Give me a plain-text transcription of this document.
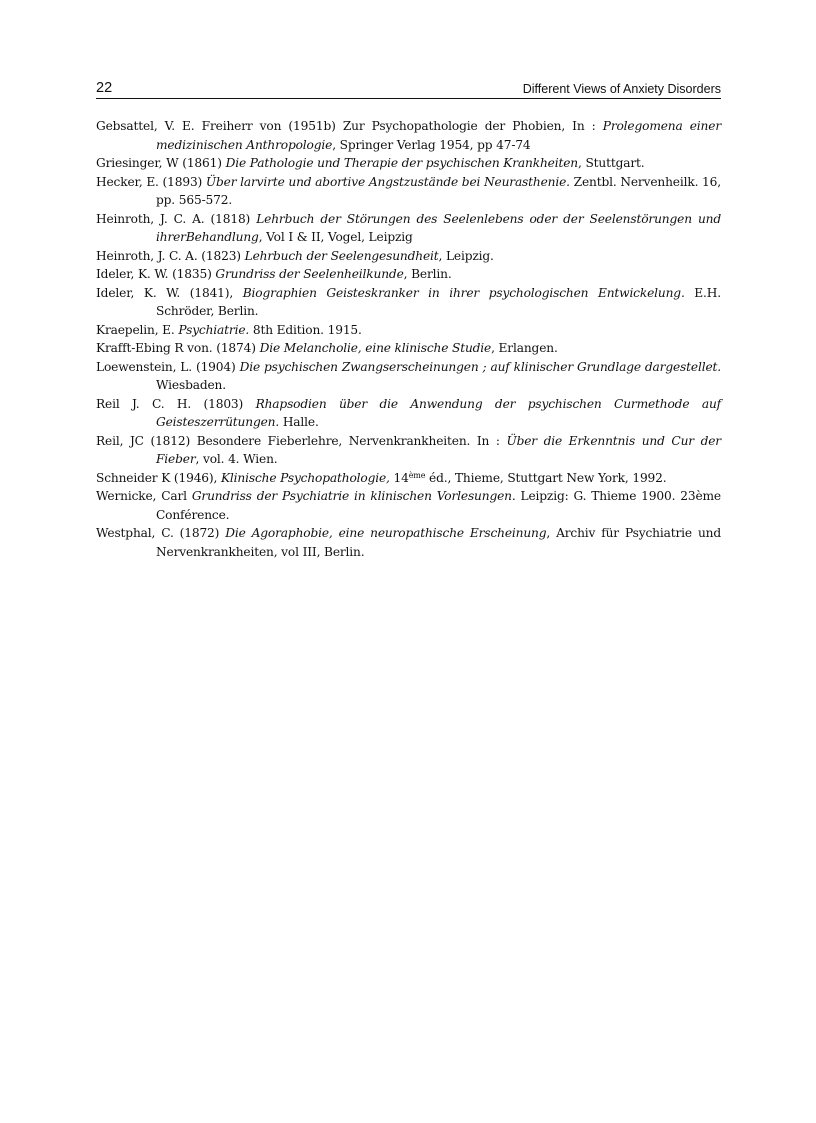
22	Different Views of Anxiety Disorders

Gebsattel, V. E. Freiherr von (1951b) Zur Psychopathologie der Phobien, In : Prolegomena einer medizinischen Anthropologie, Springer Verlag 1954, pp 47-74

Griesinger, W (1861) Die Pathologie und Therapie der psychischen Krankheiten, Stuttgart.

Hecker, E. (1893) Über larvirte und abortive Angstzustände bei Neurasthenie. Zentbl. Nervenheilk. 16, pp. 565-572.

Heinroth, J. C. A. (1818) Lehrbuch der Störungen des Seelenlebens oder der Seelenstörungen und ihrerBehandlung, Vol I & II, Vogel, Leipzig

Heinroth, J. C. A. (1823) Lehrbuch der Seelengesundheit, Leipzig.

Ideler, K. W. (1835) Grundriss der Seelenheilkunde, Berlin.

Ideler, K. W. (1841), Biographien Geisteskranker in ihrer psychologischen Entwickelung. E.H. Schröder, Berlin.

Kraepelin, E. Psychiatrie. 8th Edition. 1915.

Krafft-Ebing R von. (1874) Die Melancholie, eine klinische Studie, Erlangen.

Loewenstein, L. (1904) Die psychischen Zwangserscheinungen ; auf klinischer Grundlage dargestellet. Wiesbaden.

Reil J. C. H. (1803) Rhapsodien über die Anwendung der psychischen Curmethode auf Geisteszerrütungen. Halle.

Reil, JC (1812) Besondere Fieberlehre, Nervenkrankheiten. In : Über die Erkenntnis und Cur der Fieber, vol. 4. Wien.

Schneider K (1946), Klinische Psychopathologie, 14ème éd., Thieme, Stuttgart New York, 1992.

Wernicke, Carl Grundriss der Psychiatrie in klinischen Vorlesungen. Leipzig: G. Thieme 1900. 23ème Conférence.

Westphal, C. (1872) Die Agoraphobie, eine neuropathische Erscheinung, Archiv für Psychiatrie und Nervenkrankheiten, vol III, Berlin.
